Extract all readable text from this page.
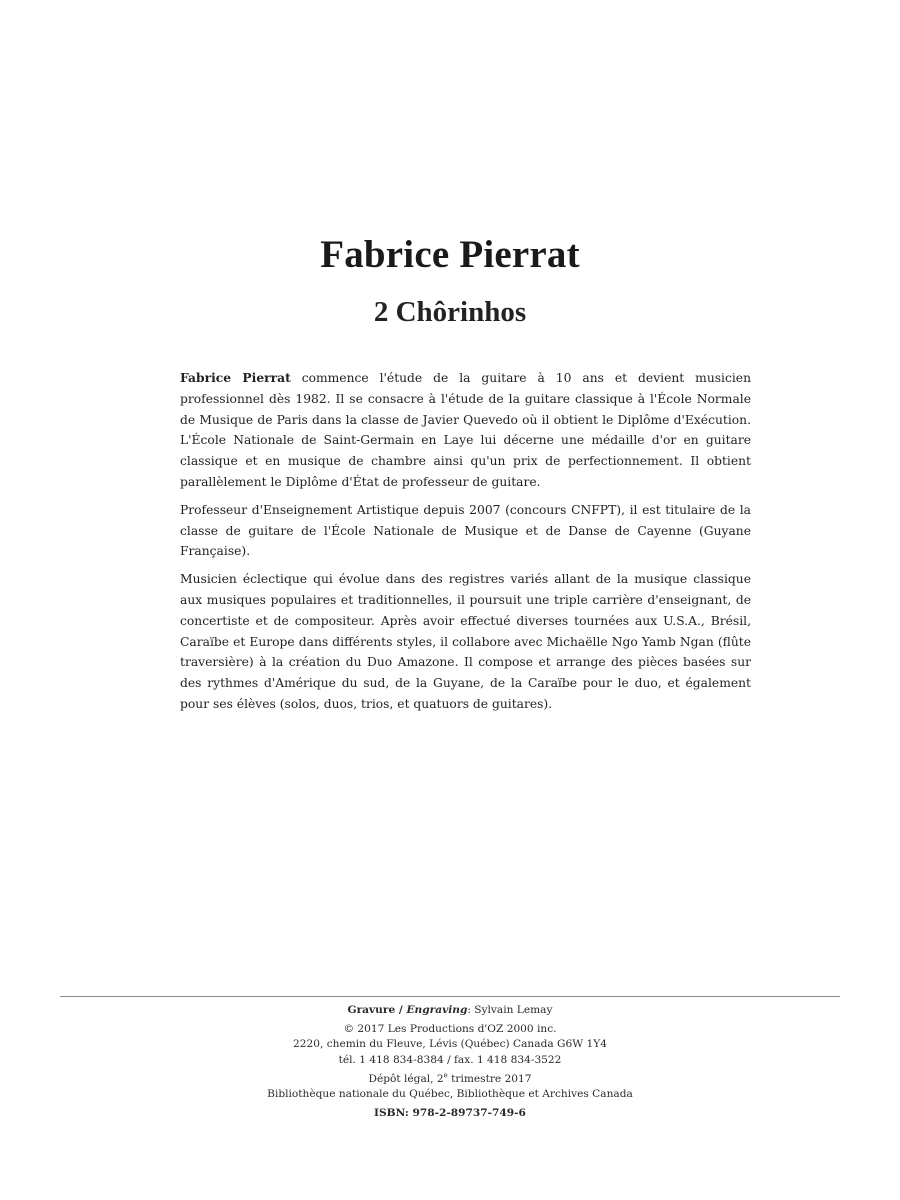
Fabrice Pierrat
2 Chôrinhos

Fabrice Pierrat commence l'étude de la guitare à 10 ans et devient musicien professionnel dès 1982. Il se consacre à l'étude de la guitare classique à l'École Normale de Musique de Paris dans la classe de Javier Quevedo où il obtient le Diplôme d'Exécution. L'École Nationale de Saint-Germain en Laye lui décerne une médaille d'or en guitare classique et en musique de chambre ainsi qu'un prix de perfectionnement. Il obtient parallèlement le Diplôme d'État de professeur de guitare.

Professeur d'Enseignement Artistique depuis 2007 (concours CNFPT), il est titulaire de la classe de guitare de l'École Nationale de Musique et de Danse de Cayenne (Guyane Française).

Musicien éclectique qui évolue dans des registres variés allant de la musique classique aux musiques populaires et traditionnelles, il poursuit une triple carrière d'enseignant, de concertiste et de compositeur. Après avoir effectué diverses tournées aux U.S.A., Brésil, Caraïbe et Europe dans différents styles, il collabore avec Michaëlle Ngo Yamb Ngan (flûte traversière) à la création du Duo Amazone. Il compose et arrange des pièces basées sur des rythmes d'Amérique du sud, de la Guyane, de la Caraïbe pour le duo, et également pour ses élèves (solos, duos, trios, et quatuors de guitares).

Gravure / Engraving: Sylvain Lemay
© 2017 Les Productions d'OZ 2000 inc.
2220, chemin du Fleuve, Lévis (Québec) Canada G6W 1Y4
tél. 1 418 834-8384 / fax. 1 418 834-3522
Dépôt légal, 2e trimestre 2017
Bibliothèque nationale du Québec, Bibliothèque et Archives Canada
ISBN: 978-2-89737-749-6
